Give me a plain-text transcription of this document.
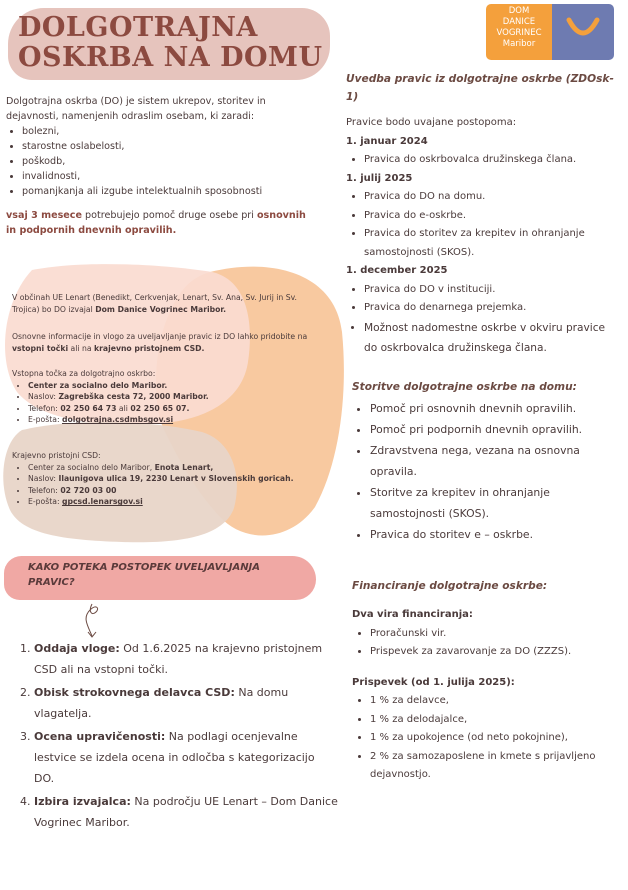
DOLGOTRAJNA
OSKRBA NA DOMU
DOM
DANICE
VOGRINEC
Maribor
Dolgotrajna oskrba (DO) je sistem ukrepov, storitev in dejavnosti, namenjenih odraslim osebam, ki zaradi:
• bolezni,
• starostne oslabelosti,
• poškodb,
• invalidnosti,
• pomanjkanja ali izgube intelektualnih sposobnosti
vsaj 3 mesece potrebujejo pomoč druge osebe pri osnovnih in podpornih dnevnih opravilih.
V občinah UE Lenart (Benedikt, Cerkvenjak, Lenart, Sv. Ana, Sv. Jurij in Sv. Trojica) bo DO izvajal Dom Danice Vogrinec Maribor.
Osnovne informacije in vlogo za uveljavljanje pravic iz DO lahko pridobite na vstopni točki ali na krajevno pristojnem CSD.
Vstopna točka za dolgotrajno oskrbo:
• Center za socialno delo Maribor.
• Naslov: Zagrebška cesta 72, 2000 Maribor.
• Telefon: 02 250 64 73 ali 02 250 65 07.
• E-pošta: dolgotrajna.csdmbsgov.si
Krajevno pristojni CSD:
• Center za socialno delo Maribor, Enota Lenart,
• Naslov: Ilaunigova ulica 19, 2230 Lenart v Slovenskih goricah.
• Telefon: 02 720 03 00
• E-pošta: gpcsd.lenarsgov.si
KAKO POTEKA POSTOPEK UVELJAVLJANJA PRAVIC?
1. Oddaja vloge: Od 1.6.2025 na krajevno pristojnem CSD ali na vstopni točki.
2. Obisk strokovnega delavca CSD: Na domu vlagatelja.
3. Ocena upravičenosti: Na podlagi ocenjevalne lestvice se izdela ocena in odločba s kategorizacijo DO.
4. Izbira izvajalca: Na področju UE Lenart – Dom Danice Vogrinec Maribor.
Uvedba pravic iz dolgotrajne oskrbe (ZDOsk-1)
Pravice bodo uvajane postopoma:
1. januar 2024
• Pravica do oskrbovalca družinskega člana.
1. julij 2025
• Pravica do DO na domu.
• Pravica do e-oskrbe.
• Pravica do storitev za krepitev in ohranjanje samostojnosti (SKOS).
1. december 2025
• Pravica do DO v instituciji.
• Pravica do denarnega prejemka.
• Možnost nadomestne oskrbe v okviru pravice do oskrbovalca družinskega člana.
Storitve dolgotrajne oskrbe na domu:
• Pomoč pri osnovnih dnevnih opravilih.
• Pomoč pri podpornih dnevnih opravilih.
• Zdravstvena nega, vezana na osnovna opravila.
• Storitve za krepitev in ohranjanje samostojnosti (SKOS).
• Pravica do storitev e – oskrbe.
Financiranje dolgotrajne oskrbe:
Dva vira financiranja:
• Proračunski vir.
• Prispevek za zavarovanje za DO (ZZZS).
Prispevek (od 1. julija 2025):
• 1 % za delavce,
• 1 % za delodajalce,
• 1 % za upokojence (od neto pokojnine),
• 2 % za samozaposlene in kmete s prijavljeno dejavnostjo.
